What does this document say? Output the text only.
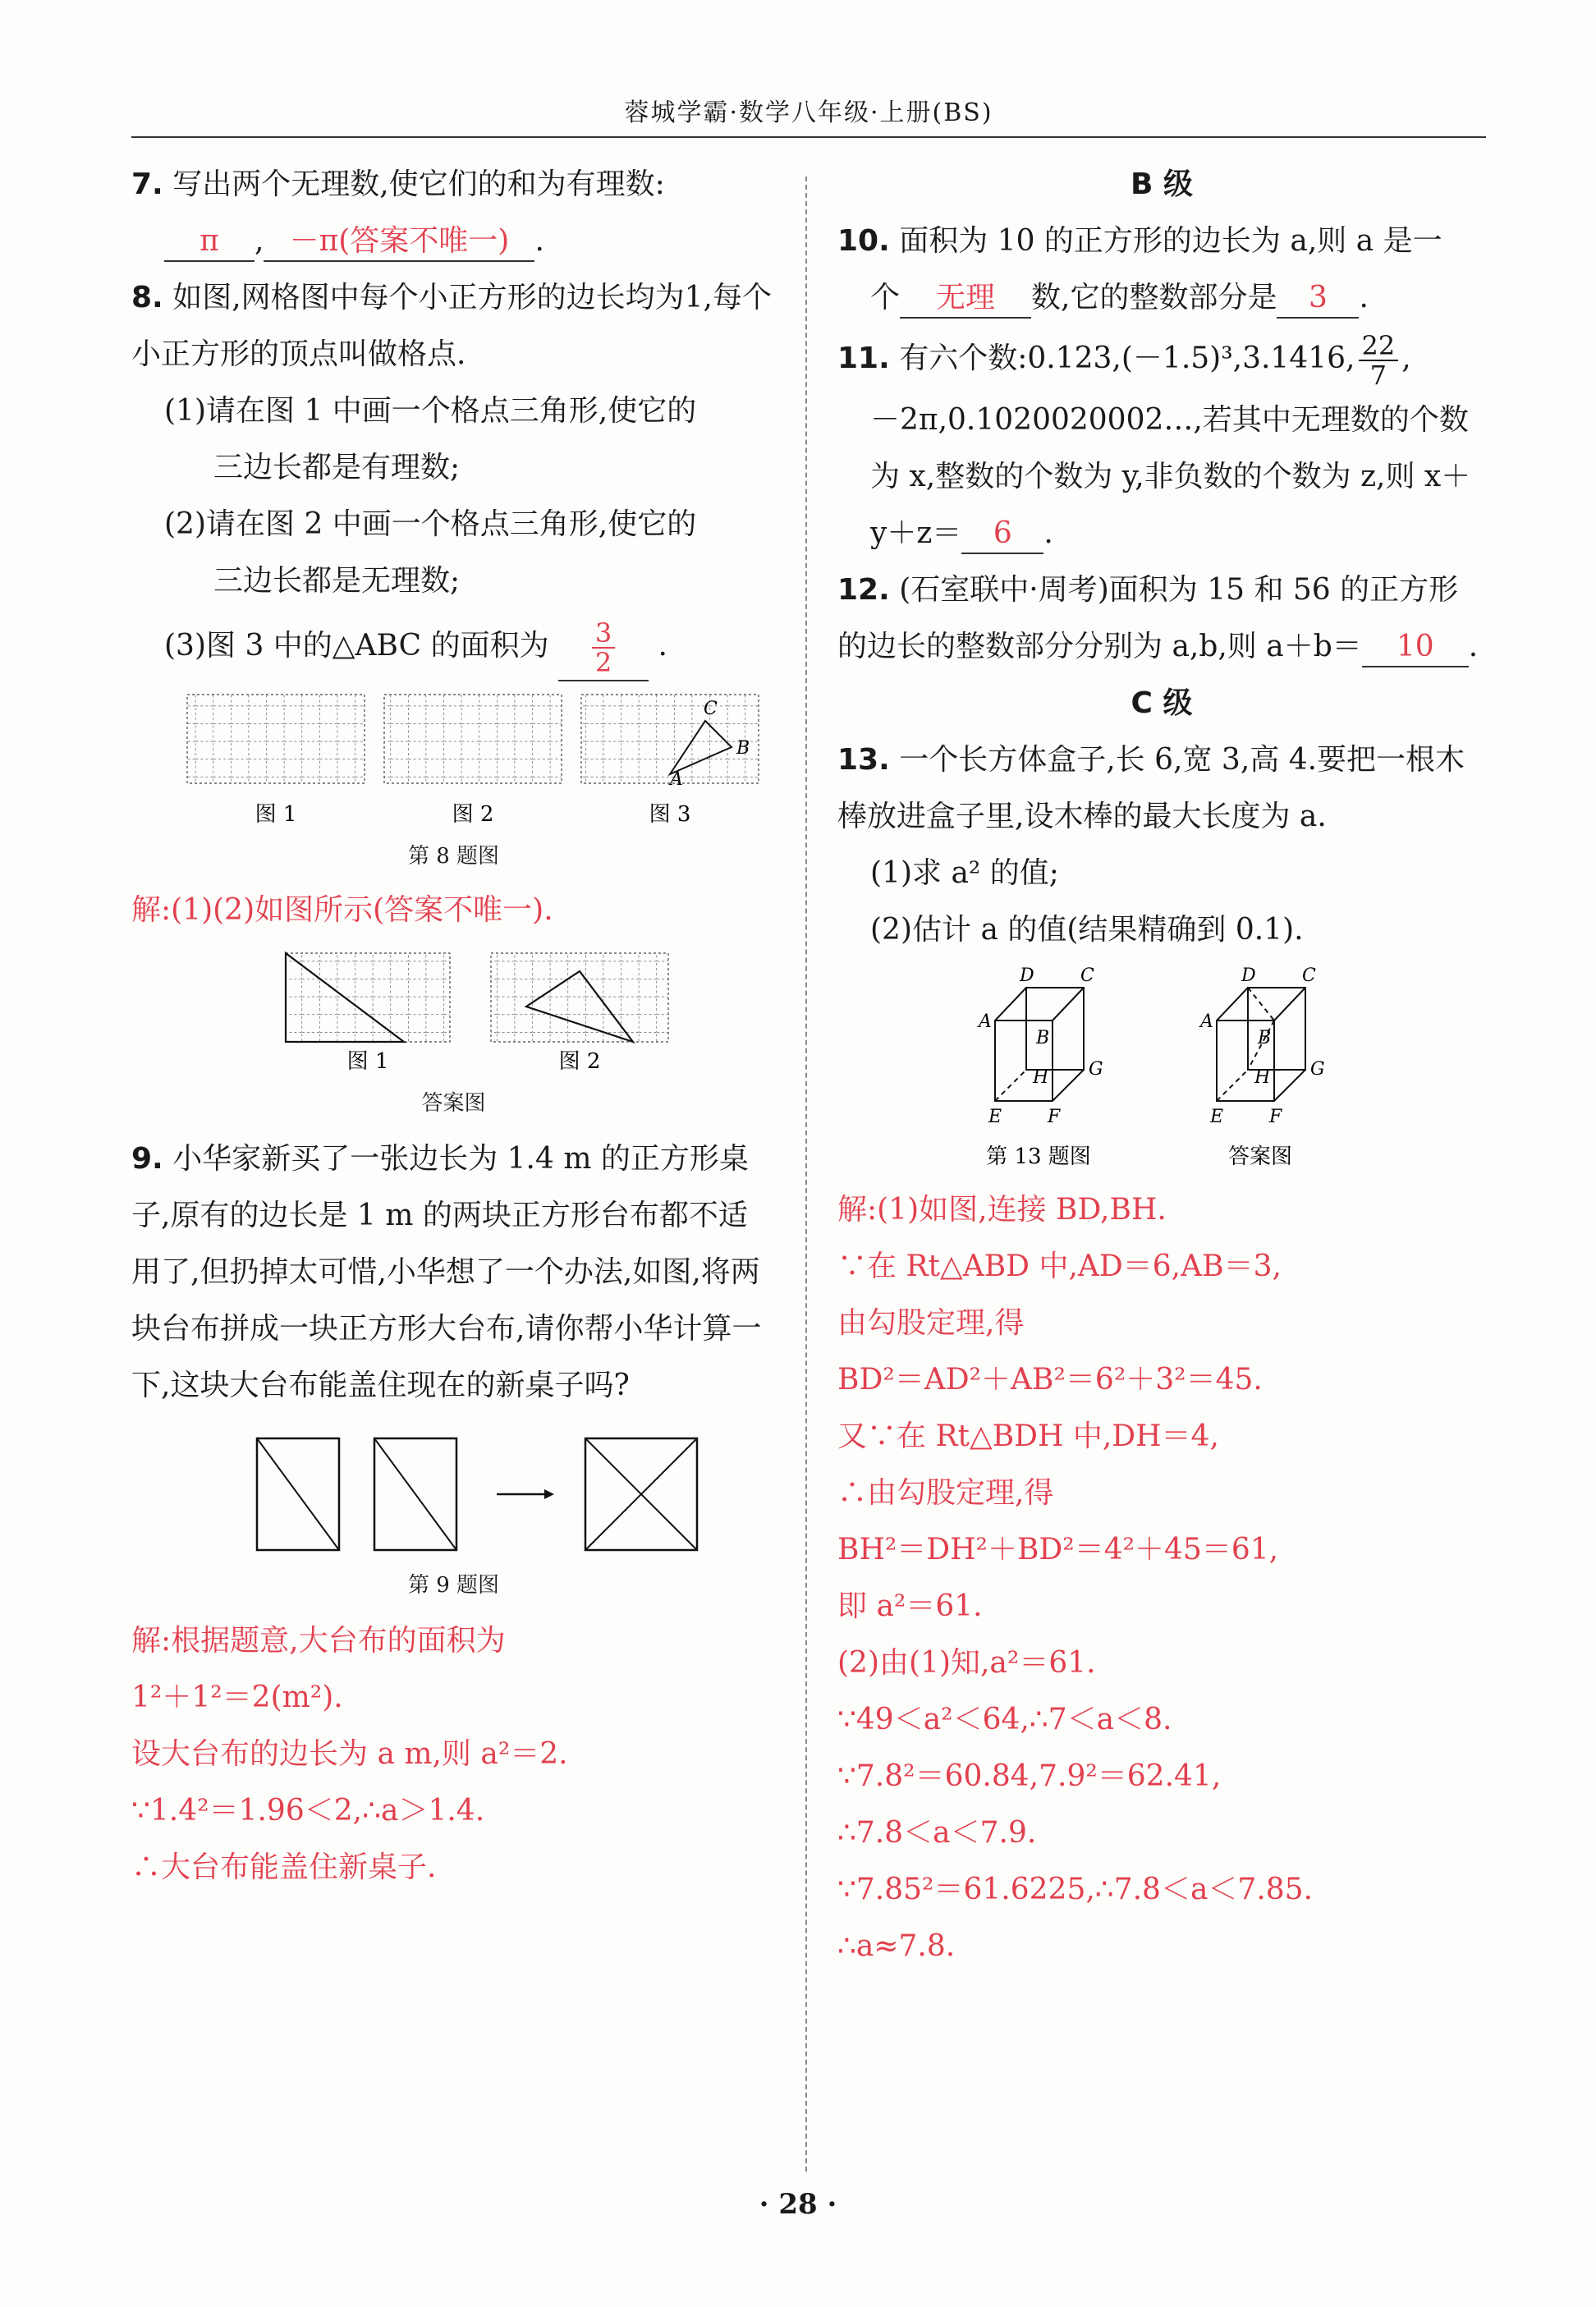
蓉城学霸·数学八年级·上册(BS)

7. 写出两个无理数,使它们的和为有理数:

π , －π(答案不唯一) .

8. 如图,网格图中每个小正方形的边长均为1,每个小正方形的顶点叫做格点.

(1)请在图 1 中画一个格点三角形,使它的

三边长都是有理数;

(2)请在图 2 中画一个格点三角形,使它的

三边长都是无理数;

(3)图 3 中的△ABC 的面积为 $\frac{3}{2}$ .

A
B
C
图 1	图 2	图 3
第 8 题图

解:(1)(2)如图所示(答案不唯一).

图 1	图 2
答案图

9. 小华家新买了一张边长为 1.4 m 的正方形桌子,原有的边长是 1 m 的两块正方形台布都不适用了,但扔掉太可惜,小华想了一个办法,如图,将两块台布拼成一块正方形大台布,请你帮小华计算一下,这块大台布能盖住现在的新桌子吗?

第 9 题图

解:根据题意,大台布的面积为

1²＋1²＝2(m²).

设大台布的边长为 a m,则 a²＝2.

∵1.4²＝1.96＜2,∴a＞1.4.

∴大台布能盖住新桌子.

B 级

10. 面积为 10 的正方形的边长为 a,则 a 是一

个 无理 数,它的整数部分是 3 .

11. 有六个数:0.123,(－1.5)³,3.1416, $\frac{22}{7}$ ,

－2π,0.1020020002…,若其中无理数的个数为 x,整数的个数为 y,非负数的个数为 z,则 x＋y＋z＝ 6 .

12. (石室联中·周考)面积为 15 和 56 的正方形的边长的整数部分分别为 a,b,则 a＋b＝ 10 .

C 级

13. 一个长方体盒子,长 6,宽 3,高 4.要把一根木棒放进盒子里,设木棒的最大长度为 a.

(1)求 a² 的值;

(2)估计 a 的值(结果精确到 0.1).

D	C
A
B
G
H
E	F
D	C
A
B
G
H
E	F
第 13 题图	答案图

解:(1)如图,连接 BD,BH.

∵在 Rt△ABD 中,AD＝6,AB＝3,

由勾股定理,得

BD²＝AD²＋AB²＝6²＋3²＝45.

又∵在 Rt△BDH 中,DH＝4,

∴由勾股定理,得

BH²＝DH²＋BD²＝4²＋45＝61,

即 a²＝61.

(2)由(1)知,a²＝61.

∵49＜a²＜64,∴7＜a＜8.

∵7.8²＝60.84,7.9²＝62.41,

∴7.8＜a＜7.9.

∵7.85²＝61.6225,∴7.8＜a＜7.85.

∴a≈7.8.

· 28 ·
